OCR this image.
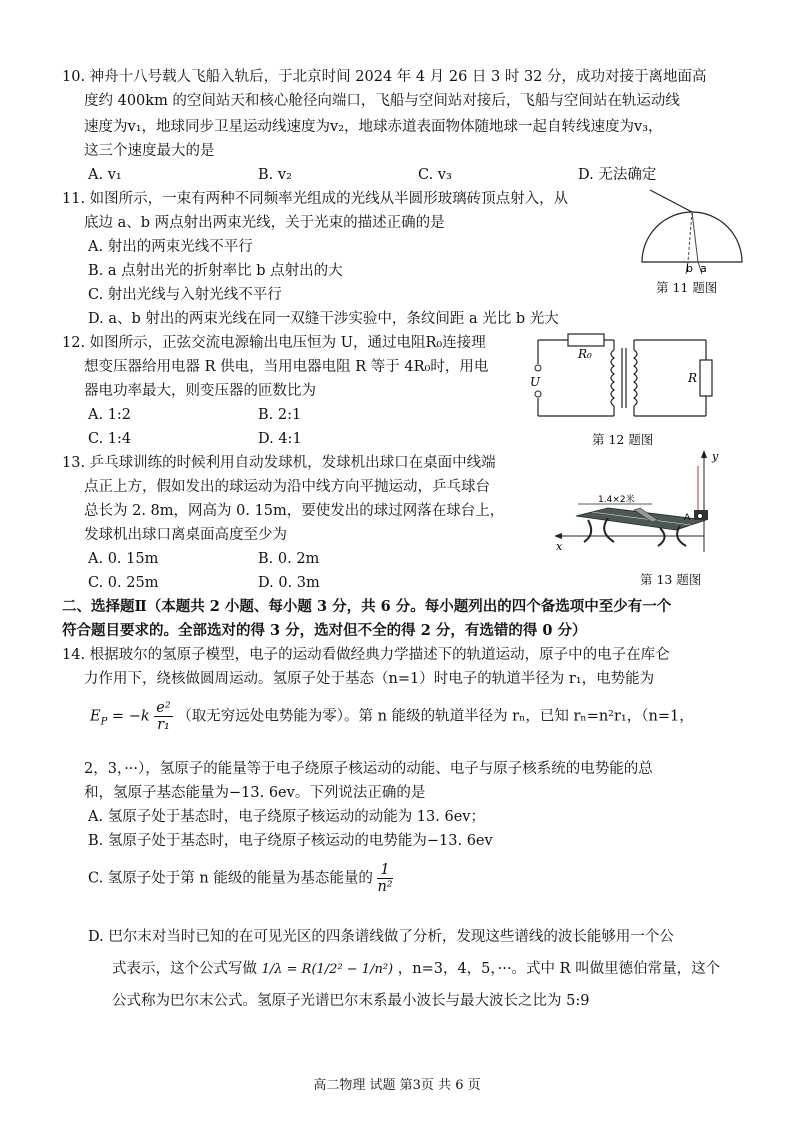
10. 神舟十八号载人飞船入轨后，于北京时间 2024 年 4 月 26 日 3 时 32 分，成功对接于离地面高
度约 400km 的空间站天和核心舱径向端口，飞船与空间站对接后，飞船与空间站在轨运动线
速度为v₁，地球同步卫星运动线速度为v₂，地球赤道表面物体随地球一起自转线速度为v₃，
这三个速度最大的是
A. v₁	B. v₂	C. v₃	D. 无法确定
11. 如图所示，一束有两种不同频率光组成的光线从半圆形玻璃砖顶点射入，从
底边 a、b 两点射出两束光线，关于光束的描述正确的是
A. 射出的两束光线不平行
B. a 点射出光的折射率比 b 点射出的大
C. 射出光线与入射光线不平行
D. a、b 射出的两束光线在同一双缝干涉实验中，条纹间距 a 光比 b 光大
b a
第 11 题图
12. 如图所示，正弦交流电源输出电压恒为 U，通过电阻R₀连接理
想变压器给用电器 R 供电，当用电器电阻 R 等于 4R₀时，用电
器电功率最大，则变压器的匝数比为
A. 1:2	B. 2:1
C. 1:4	D. 4:1
R₀
U	R
第 12 题图
13. 乒乓球训练的时候利用自动发球机，发球机出球口在桌面中线端
点正上方，假如发出的球运动为沿中线方向平抛运动，乒乓球台
总长为 2. 8m，网高为 0. 15m，要使发出的球过网落在球台上，
发球机出球口离桌面高度至少为
A. 0. 15m	B. 0. 2m
C. 0. 25m	D. 0. 3m
y
x
1.4×2米
A
第 13 题图
二、选择题Ⅱ（本题共 2 小题、每小题 3 分，共 6 分。每小题列出的四个备选项中至少有一个
符合题目要求的。全部选对的得 3 分，选对但不全的得 2 分，有选错的得 0 分）
14. 根据玻尔的氢原子模型，电子的运动看做经典力学描述下的轨道运动，原子中的电子在库仑
力作用下，绕核做圆周运动。氢原子处于基态（n=1）时电子的轨道半径为 r₁，电势能为
$E_P = -k \frac{\text{e²}}{\text{r₁}}$ （取无穷远处电势能为零）。第 n 能级的轨道半径为 rₙ，已知 rₙ=n²r₁，（n=1，
2，3，···），氢原子的能量等于电子绕原子核运动的动能、电子与原子核系统的电势能的总
和，氢原子基态能量为−13. 6ev。下列说法正确的是
A. 氢原子处于基态时，电子绕原子核运动的动能为 13. 6ev；
B. 氢原子处于基态时，电子绕原子核运动的电势能为−13. 6ev
C. 氢原子处于第 n 能级的能量为基态能量的 $\frac{1}{\text{n²}}$
D. 巴尔末对当时已知的在可见光区的四条谱线做了分析，发现这些谱线的波长能够用一个公
式表示，这个公式写做 1/λ = R(1/2² − 1/n²) ，n=3，4，5，···。式中 R 叫做里德伯常量，这个
公式称为巴尔末公式。氢原子光谱巴尔末系最小波长与最大波长之比为 5:9
高二物理 试题 第3页 共 6 页
